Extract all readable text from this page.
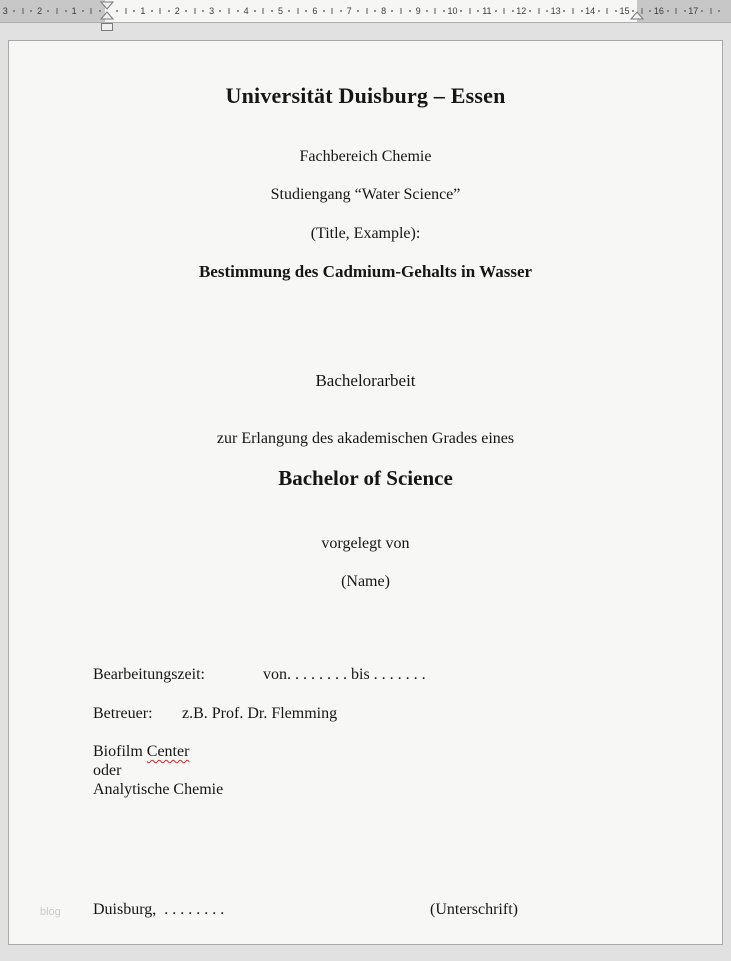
3	2	1	1	2	3	4	5	6	7	8	9	10	11	12	13	14	15	16	17
Universität Duisburg – Essen
Fachbereich Chemie
Studiengang “Water Science”
(Title, Example):
Bestimmung des Cadmium-Gehalts in Wasser
Bachelorarbeit
zur Erlangung des akademischen Grades eines
Bachelor of Science
vorgelegt von
(Name)
Bearbeitungszeit:	von. . . . . . . . bis . . . . . . .
Betreuer: z.B. Prof. Dr. Flemming
Biofilm Center
oder
Analytische Chemie
Duisburg,  . . . . . . . .	(Unterschrift)
blog
